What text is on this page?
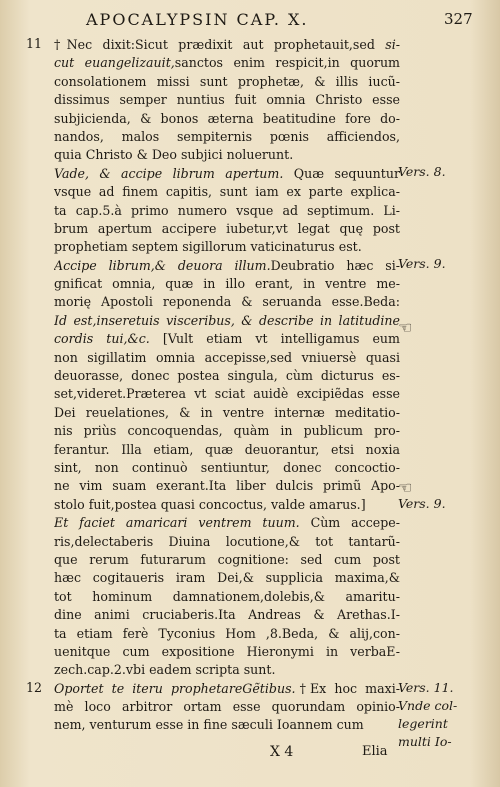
APOCALYPSIN CAP. X.	327
11
12
†Nec dixit:Sicut prædixit aut prophetauit,sed si-
cut euangelizauit,sanctos enim respicit,in quorum
consolationem missi sunt prophetæ, & illis iucũ-
dissimus semper nuntius fuit omnia Christo esse
subjicienda, & bonos æterna beatitudine fore do-
nandos, malos sempiternis pœnis afficiendos,
quia Christo & Deo subjici noluerunt.
Vade, & accipe librum apertum. Quæ sequuntur
vsque ad finem capitis, sunt iam ex parte explica-
ta cap.5.à primo numero vsque ad septimum. Li-
brum apertum accipere iubetur,vt legat quę post
prophetiam septem sigillorum vaticinaturus est.
Accipe librum,& deuora illum.Deubratio hæc si-
gnificat omnia, quæ in illo erant, in ventre me-
morię Apostoli reponenda & seruanda esse.Beda:
Id est,inseretuis visceribus, & describe in latitudine
cordis tui,&c. [Vult etiam vt intelligamus eum
non sigillatim omnia accepisse,sed vniuersè quasi
deuorasse, donec postea singula, cùm dicturus es-
set,videret.Præterea vt sciat auidè excipiẽdas esse
Dei reuelationes, & in ventre internæ meditatio-
nis priùs concoquendas, quàm in publicum pro-
ferantur. Illa etiam, quæ deuorantur, etsi noxia
sint, non continuò sentiuntur, donec concoctio-
ne vim suam exerant.Ita liber dulcis primũ Apo-
stolo fuit,postea quasi concoctus, valde amarus.]
Et faciet amaricari ventrem tuum. Cùm accepe-
ris,delectaberis Diuina locutione,& tot tantarũ-
que rerum futurarum cognitione: sed cum post
hæc cogitaueris iram Dei,& supplicia maxima,&
tot hominum damnationem,dolebis,& amaritu-
dine animi cruciaberis.Ita Andreas & Arethas.I-
ta etiam ferè Tyconius Hom ,8.Beda, & alij,con-
uenitque cum expositione Hieronymi in verbaE-
zech.cap.2.vbi eadem scripta sunt.
Oportet te iteru prophetareGẽtibus.†Ex hoc maxi-
mè loco arbitror ortam esse quorundam opinio-
nem, venturum esse in fine sæculi Ioannem cum
Vers. 8.
Vers. 9.
☜
☜
Vers. 9.
Vers. 11.
Vnde col-
legerint
multi Io-
X 4	Elia
